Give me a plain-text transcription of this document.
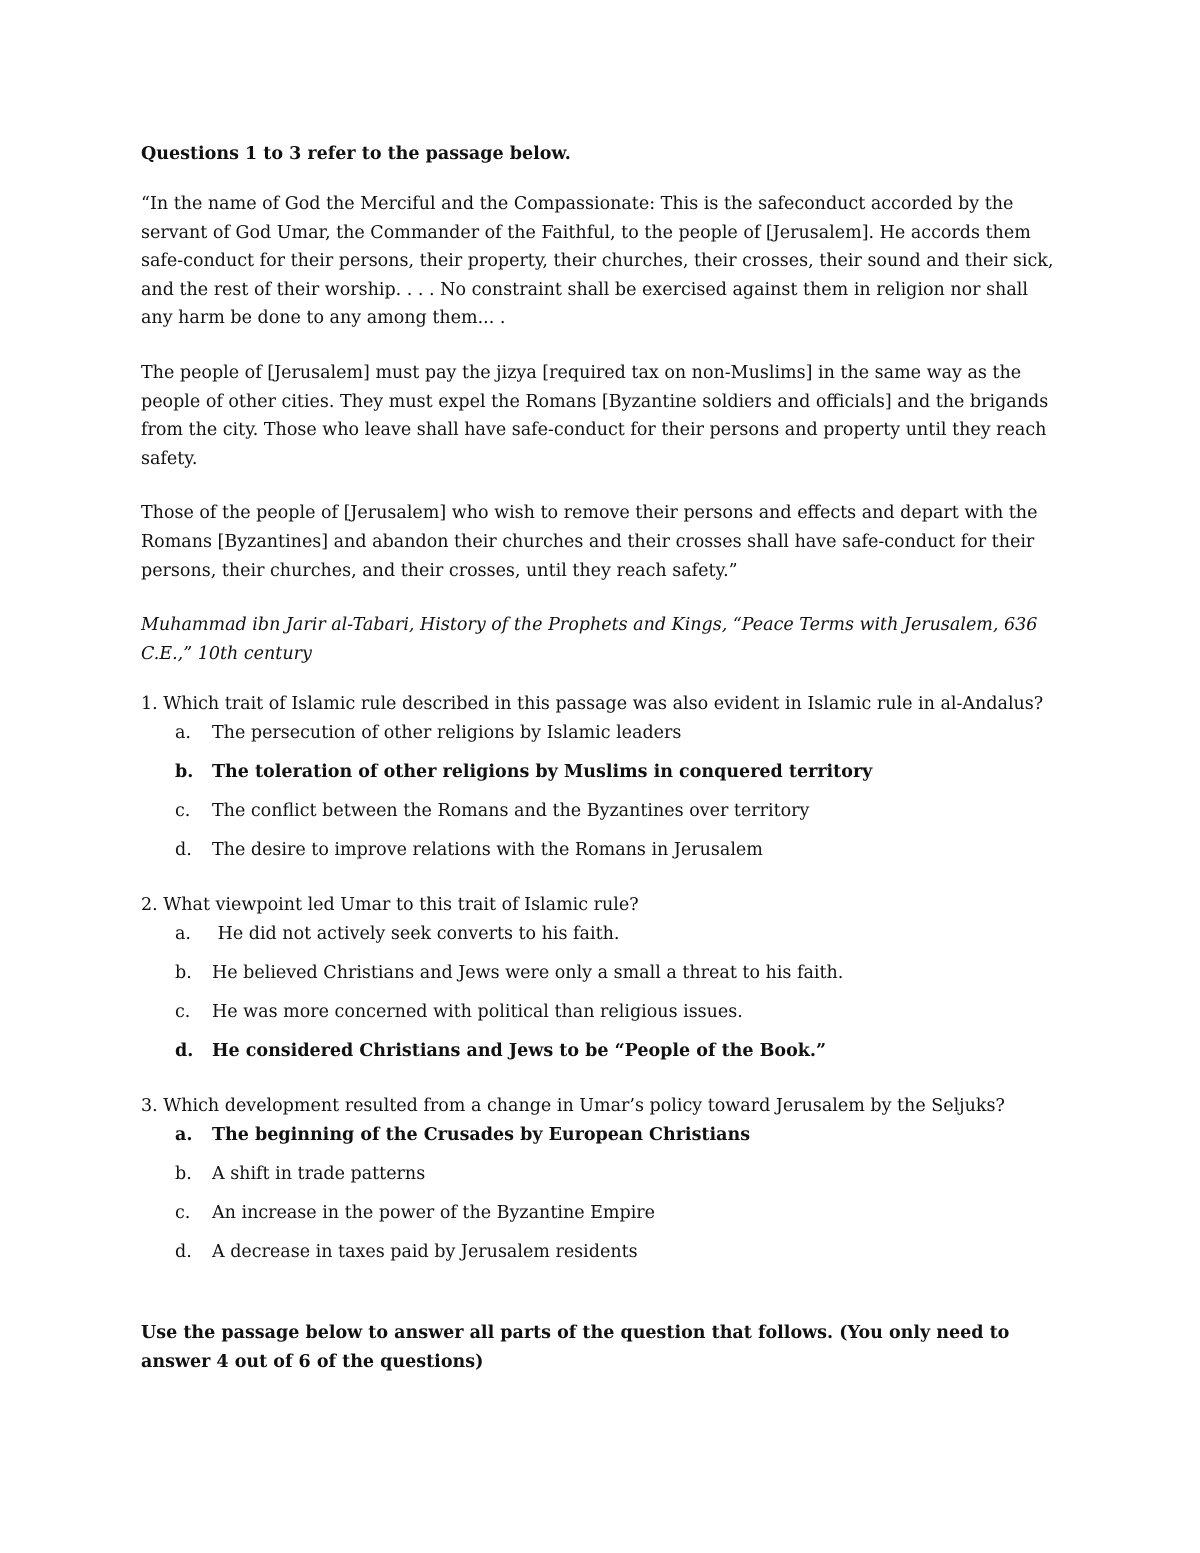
Questions 1 to 3 refer to the passage below.

“In the name of God the Merciful and the Compassionate: This is the safeconduct accorded by the servant of God Umar, the Commander of the Faithful, to the people of [Jerusalem]. He accords them safe-conduct for their persons, their property, their churches, their crosses, their sound and their sick, and the rest of their worship. . . . No constraint shall be exercised against them in religion nor shall any harm be done to any among them... .

The people of [Jerusalem] must pay the jizya [required tax on non-Muslims] in the same way as the people of other cities. They must expel the Romans [Byzantine soldiers and officials] and the brigands from the city. Those who leave shall have safe-conduct for their persons and property until they reach safety.

Those of the people of [Jerusalem] who wish to remove their persons and effects and depart with the Romans [Byzantines] and abandon their churches and their crosses shall have safe-conduct for their persons, their churches, and their crosses, until they reach safety.”

Muhammad ibn Jarir al-Tabari, History of the Prophets and Kings, “Peace Terms with Jerusalem, 636 C.E.,” 10th century

1. Which trait of Islamic rule described in this passage was also evident in Islamic rule in al-Andalus?

a. The persecution of other religions by Islamic leaders
b. The toleration of other religions by Muslims in conquered territory
c. The conflict between the Romans and the Byzantines over territory
d. The desire to improve relations with the Romans in Jerusalem

2. What viewpoint led Umar to this trait of Islamic rule?

a. He did not actively seek converts to his faith.
b. He believed Christians and Jews were only a small a threat to his faith.
c. He was more concerned with political than religious issues.
d. He considered Christians and Jews to be “People of the Book.”

3. Which development resulted from a change in Umar’s policy toward Jerusalem by the Seljuks?

a. The beginning of the Crusades by European Christians
b. A shift in trade patterns
c. An increase in the power of the Byzantine Empire
d. A decrease in taxes paid by Jerusalem residents

Use the passage below to answer all parts of the question that follows. (You only need to answer 4 out of 6 of the questions)
